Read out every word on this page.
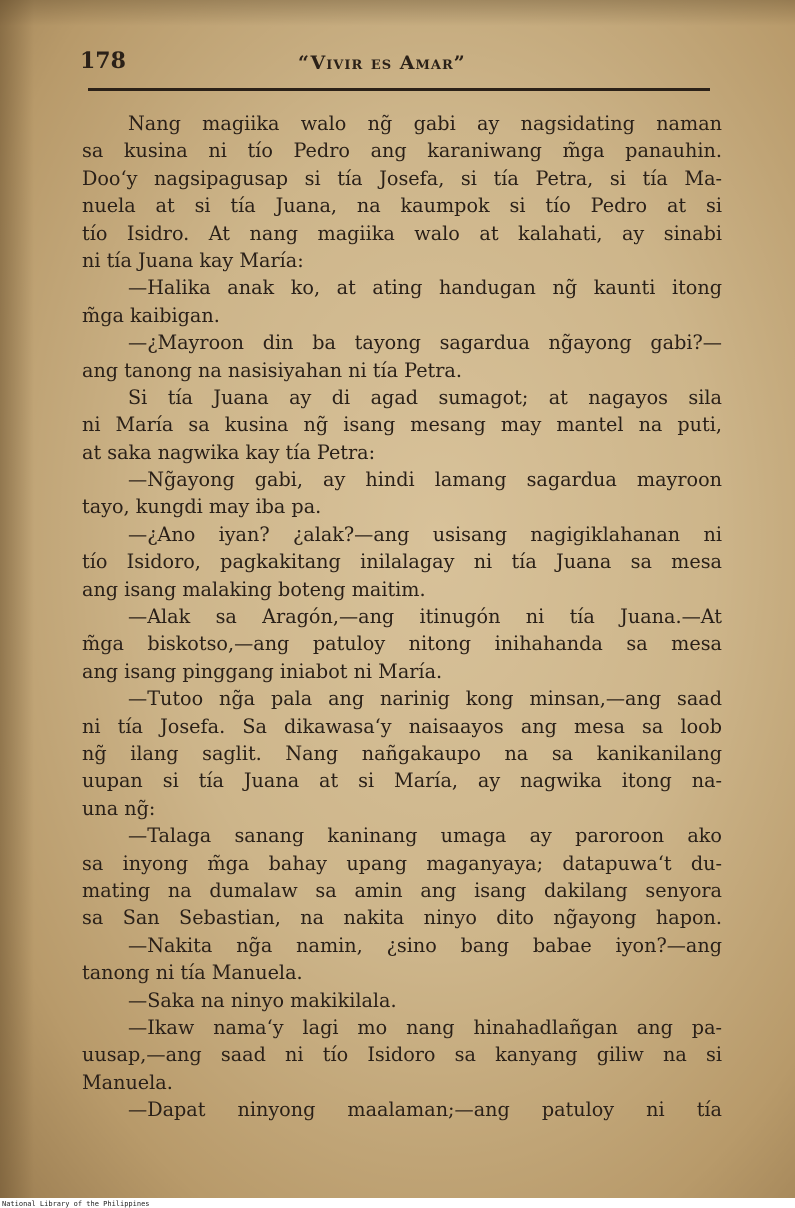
178	“Vivir es Amar”
Nang magiika walo ng̃ gabi ay nagsidating naman
sa kusina ni tío Pedro ang karaniwang m̃ga panauhin.
Doo‘y nagsipagusap si tía Josefa, si tía Petra, si tía Ma-
nuela at si tía Juana, na kaumpok si tío Pedro at si
tío Isidro. At nang magiika walo at kalahati, ay sinabi
ni tía Juana kay María:
—Halika anak ko, at ating handugan ng̃ kaunti itong
m̃ga kaibigan.
—¿Mayroon din ba tayong sagardua ng̃ayong gabi?—
ang tanong na nasisiyahan ni tía Petra.
Si tía Juana ay di agad sumagot; at nagayos sila
ni María sa kusina ng̃ isang mesang may mantel na puti,
at saka nagwika kay tía Petra:
—Ng̃ayong gabi, ay hindi lamang sagardua mayroon
tayo, kungdi may iba pa.
—¿Ano iyan? ¿alak?—ang usisang nagigiklahanan ni
tío Isidoro, pagkakitang inilalagay ni tía Juana sa mesa
ang isang malaking boteng maitim.
—Alak sa Aragón,—ang itinugón ni tía Juana.—At
m̃ga biskotso,—ang patuloy nitong inihahanda sa mesa
ang isang pinggang iniabot ni María.
—Tutoo ng̃a pala ang narinig kong minsan,—ang saad
ni tía Josefa. Sa dikawasa‘y naisaayos ang mesa sa loob
ng̃ ilang saglit. Nang nañgakaupo na sa kanikanilang
uupan si tía Juana at si María, ay nagwika itong na-
una ng̃:
—Talaga sanang kaninang umaga ay paroroon ako
sa inyong m̃ga bahay upang maganyaya; datapuwa‘t du-
mating na dumalaw sa amin ang isang dakilang senyora
sa San Sebastian, na nakita ninyo dito ng̃ayong hapon.
—Nakita ng̃a namin, ¿sino bang babae iyon?—ang
tanong ni tía Manuela.
—Saka na ninyo makikilala.
—Ikaw nama‘y lagi mo nang hinahadlañgan ang pa-
uusap,—ang saad ni tío Isidoro sa kanyang giliw na si
Manuela.
—Dapat ninyong maalaman;—ang patuloy ni tía
National Library of the Philippines
